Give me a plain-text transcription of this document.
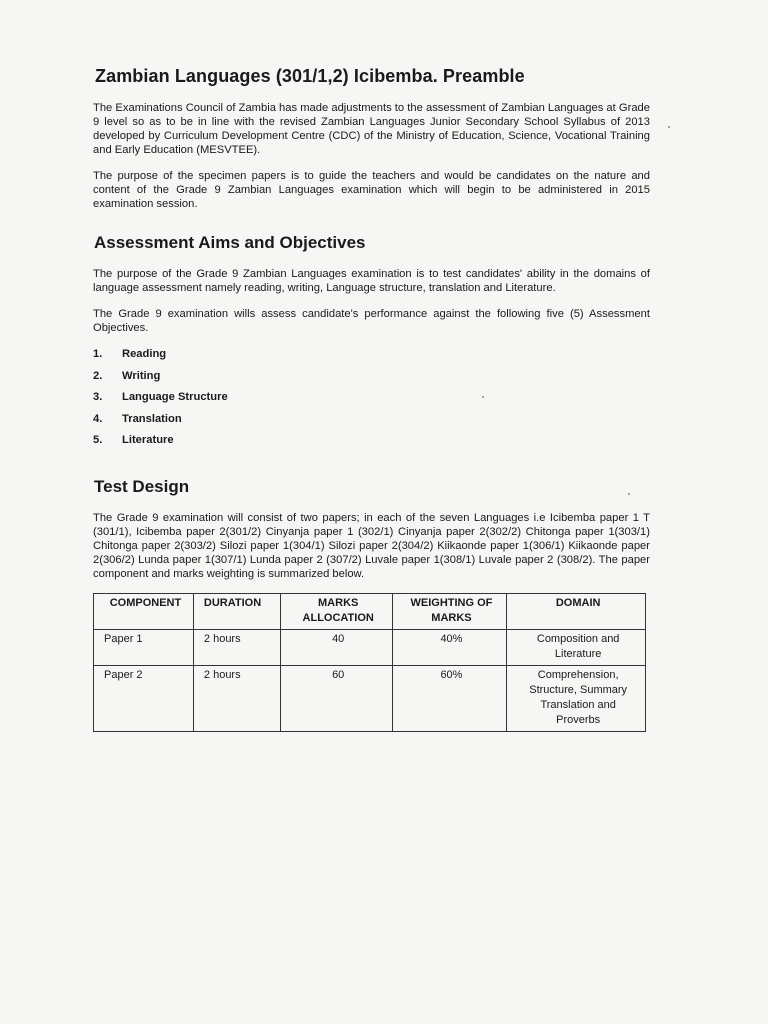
Zambian Languages (301/1,2) Icibemba. Preamble

The Examinations Council of Zambia has made adjustments to the assessment of Zambian Languages at Grade 9 level so as to be in line with the revised Zambian Languages Junior Secondary School Syllabus of 2013 developed by Curriculum Development Centre (CDC) of the Ministry of Education, Science, Vocational Training and Early Education (MESVTEE).

The purpose of the specimen papers is to guide the teachers and would be candidates on the nature and content of the Grade 9 Zambian Languages examination which will begin to be administered in 2015 examination session.

Assessment Aims and Objectives

The purpose of the Grade 9 Zambian Languages examination is to test candidates' ability in the domains of language assessment namely reading, writing, Language structure, translation and Literature.

The Grade 9 examination wills assess candidate's performance against the following five (5) Assessment Objectives.

1.	Reading
2.	Writing
3.	Language Structure
4.	Translation
5.	Literature
Test Design

The Grade 9 examination will consist of two papers; in each of the seven Languages i.e Icibemba paper 1 T (301/1), Icibemba paper 2(301/2) Cinyanja paper 1 (302/1) Cinyanja paper 2(302/2) Chitonga paper 1(303/1) Chitonga paper 2(303/2) Silozi paper 1(304/1) Silozi paper 2(304/2) Kiikaonde paper 1(306/1) Kiikaonde paper 2(306/2) Lunda paper 1(307/1) Lunda paper 2 (307/2) Luvale paper 1(308/1) Luvale paper 2 (308/2). The paper component and marks weighting is summarized below.

COMPONENT	DURATION	MARKS ALLOCATION	WEIGHTING OF MARKS	DOMAIN
Paper 1	2 hours	40	40%	Composition and Literature
Paper 2	2 hours	60	60%	Comprehension, Structure, Summary Translation and Proverbs
